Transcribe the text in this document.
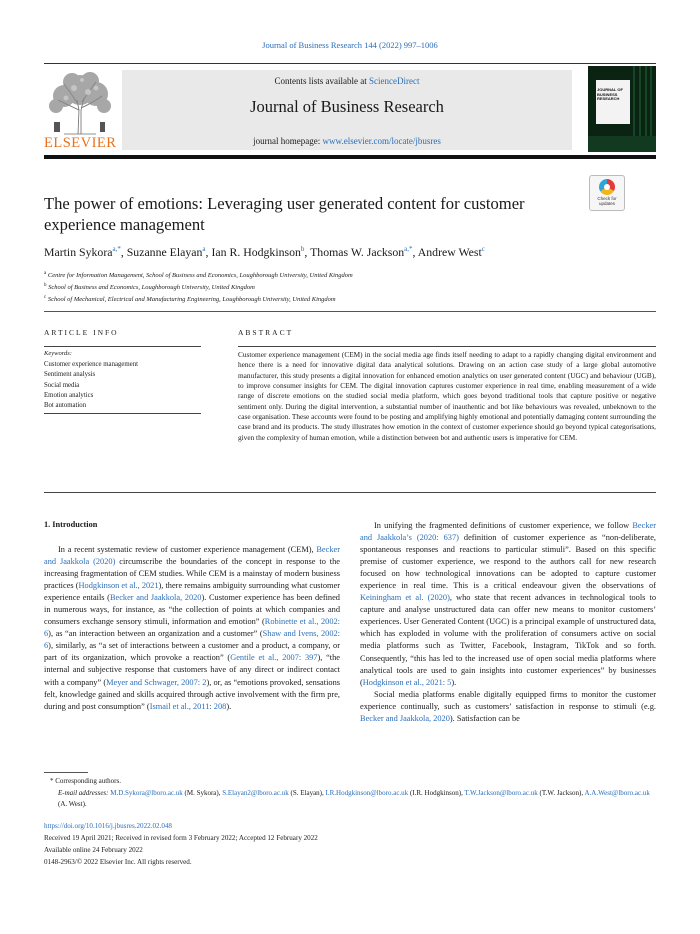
Journal of Business Research 144 (2022) 997–1006
ELSEVIER
Contents lists available at ScienceDirect
Journal of Business Research
journal homepage: www.elsevier.com/locate/jbusres
JOURNAL OF BUSINESS RESEARCH
The power of emotions: Leveraging user generated content for customer experience management
Check for updates
Martin Sykora$^{a,*}$, Suzanne Elayan$^a$, Ian R. Hodgkinson$^b$, Thomas W. Jackson$^{a,*}$, Andrew West$^c$
$^a$ Centre for Information Management, School of Business and Economics, Loughborough University, United Kingdom
$^b$ School of Business and Economics, Loughborough University, United Kingdom
$^c$ School of Mechanical, Electrical and Manufacturing Engineering, Loughborough University, United Kingdom
ARTICLE INFO
Keywords:
Customer experience management
Sentiment analysis
Social media
Emotion analytics
Bot automation
ABSTRACT
Customer experience management (CEM) in the social media age finds itself needing to adapt to a rapidly changing digital environment and hence there is a need for innovative digital data analytical solutions. Drawing on an action case study of a large global automotive manufacturer, this study presents a digital innovation for enhanced emotion analytics on user generated content (UGC) and behaviour (UGB), to improve consumer insights for CEM. The digital innovation captures customer experience in real time, enabling measurement of a wide range of discrete emotions on the studied social media platform, which goes beyond traditional tools that capture positive or negative sentiment only. During the digital intervention, a substantial number of inauthentic and bot like behaviours was revealed, unbeknown to the case organisation. These accounts were found to be posting and amplifying highly emotional and potentially damaging content surrounding the case brand and its products. The study illustrates how emotion in the context of customer experience should go beyond typical categorisations, given the complexity of human emotion, while a distinction between bot and authentic users is imperative for CEM.
1. Introduction

In a recent systematic review of customer experience management (CEM), Becker and Jaakkola (2020) circumscribe the boundaries of the concept in response to the increasing fragmentation of CEM studies. While CEM is a mainstay of modern business practices (Hodgkinson et al., 2021), there remains ambiguity surrounding what customer experience entails (Becker and Jaakkola, 2020). Customer experience has been defined in numerous ways, for instance, as “the collection of points at which companies and consumers exchange sensory stimuli, information and emotion” (Robinette et al., 2002: 6), as “an interaction between an organization and a customer” (Shaw and Ivens, 2002: 6), similarly, as “a set of interactions between a customer and a product, a company, or part of its organization, which provoke a reaction” (Gentile et al., 2007: 397), “the internal and subjective response that customers have of any direct or indirect contact with a company” (Meyer and Schwager, 2007: 2), or, as “emotions provoked, sensations felt, knowledge gained and skills acquired through active involvement with the firm pre, during and post consumption” (Ismail et al., 2011: 208).

In unifying the fragmented definitions of customer experience, we follow Becker and Jaakkola’s (2020: 637) definition of customer experience as “non-deliberate, spontaneous responses and reactions to particular stimuli”. Based on this specific premise of customer experience, we respond to the authors call for new research focused on how technological innovations can be adopted to capture customer experience in real time. This is a critical endeavour given the observations of Keiningham et al. (2020), who state that recent advances in technological tools to capture and analyse unstructured data can offer new means to monitor customers’ experiences. User Generated Content (UGC) is a principal example of unstructured data, which has exploded in volume with the proliferation of consumers active on social media platforms such as Twitter, Facebook, Instagram, TikTok and so forth. Consequently, “this has led to the increased use of open social media platforms where analytical tools are used to gain insights into customer experiences” by businesses (Hodgkinson et al., 2021: 5).

Social media platforms enable digitally equipped firms to monitor the customer experience continually, such as customers’ satisfaction in response to stimuli (e.g. Becker and Jaakkola, 2020). Satisfaction can be

* Corresponding authors.
E-mail addresses: M.D.Sykora@lboro.ac.uk (M. Sykora), S.Elayan2@lboro.ac.uk (S. Elayan), I.R.Hodgkinson@lboro.ac.uk (I.R. Hodgkinson), T.W.Jackson@lboro.ac.uk (T.W. Jackson), A.A.West@lboro.ac.uk (A. West).
https://doi.org/10.1016/j.jbusres.2022.02.048
Received 19 April 2021; Received in revised form 3 February 2022; Accepted 12 February 2022
Available online 24 February 2022
0148-2963/© 2022 Elsevier Inc. All rights reserved.
